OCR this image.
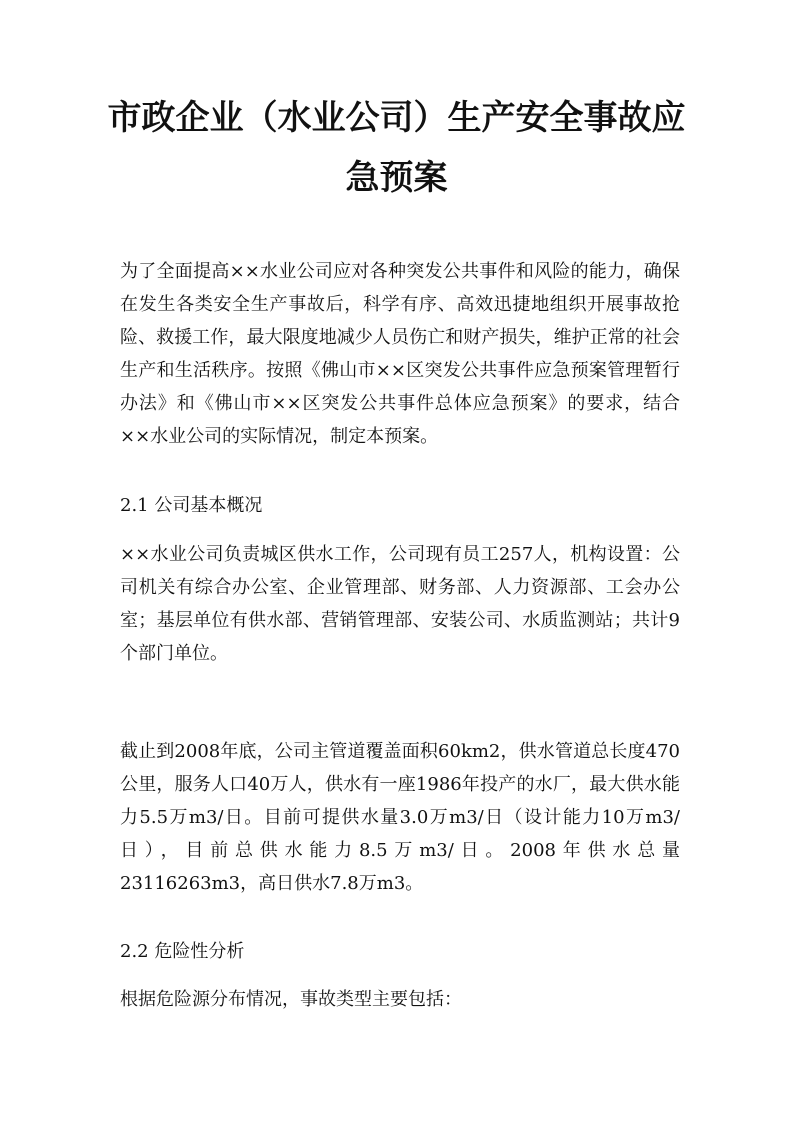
市政企业（水业公司）生产安全事故应急预案

为了全面提高××水业公司应对各种突发公共事件和风险的能力，确保在发生各类安全生产事故后，科学有序、高效迅捷地组织开展事故抢险、救援工作，最大限度地减少人员伤亡和财产损失，维护正常的社会生产和生活秩序。按照《佛山市××区突发公共事件应急预案管理暂行办法》和《佛山市××区突发公共事件总体应急预案》的要求，结合××水业公司的实际情况，制定本预案。

2.1 公司基本概况

××水业公司负责城区供水工作，公司现有员工257人，机构设置：公司机关有综合办公室、企业管理部、财务部、人力资源部、工会办公室；基层单位有供水部、营销管理部、安装公司、水质监测站；共计9个部门单位。

截止到2008年底，公司主管道覆盖面积60km2，供水管道总长度470公里，服务人口40万人，供水有一座1986年投产的水厂，最大供水能力5.5万m3/日。目前可提供水量3.0万m3/日（设计能力10万m3/日），目前总供水能力8.5万m3/日。2008年供水总量23116263m3，高日供水7.8万m3。

2.2 危险性分析

根据危险源分布情况，事故类型主要包括：
